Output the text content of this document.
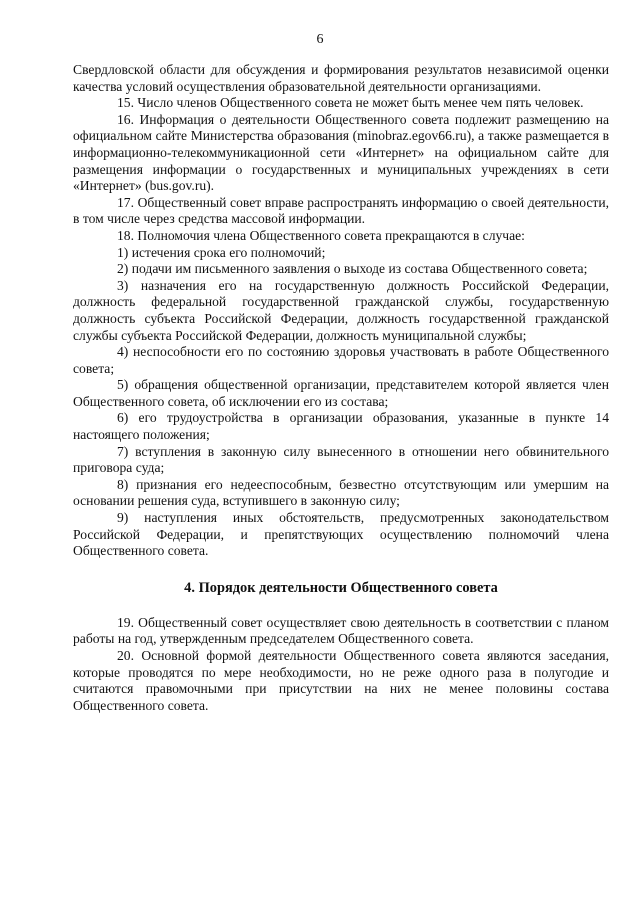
6

Свердловской области для обсуждения и формирования результатов независимой оценки качества условий осуществления образовательной деятельности организациями.

15. Число членов Общественного совета не может быть менее чем пять человек.

16. Информация о деятельности Общественного совета подлежит размещению на официальном сайте Министерства образования (minobraz.egov66.ru), а также размещается в информационно-телекоммуникационной сети «Интернет» на официальном сайте для размещения информации о государственных и муниципальных учреждениях в сети «Интернет» (bus.gov.ru).

17. Общественный совет вправе распространять информацию о своей деятельности, в том числе через средства массовой информации.

18. Полномочия члена Общественного совета прекращаются в случае:

1) истечения срока его полномочий;

2) подачи им письменного заявления о выходе из состава Общественного совета;

3) назначения его на государственную должность Российской Федерации, должность федеральной государственной гражданской службы, государственную должность субъекта Российской Федерации, должность государственной гражданской службы субъекта Российской Федерации, должность муниципальной службы;

4) неспособности его по состоянию здоровья участвовать в работе Общественного совета;

5) обращения общественной организации, представителем которой является член Общественного совета, об исключении его из состава;

6) его трудоустройства в организации образования, указанные в пункте 14 настоящего положения;

7) вступления в законную силу вынесенного в отношении него обвинительного приговора суда;

8) признания его недееспособным, безвестно отсутствующим или умершим на основании решения суда, вступившего в законную силу;

9) наступления иных обстоятельств, предусмотренных законодательством Российской Федерации, и препятствующих осуществлению полномочий члена Общественного совета.

4. Порядок деятельности Общественного совета

19. Общественный совет осуществляет свою деятельность в соответствии с планом работы на год, утвержденным председателем Общественного совета.

20. Основной формой деятельности Общественного совета являются заседания, которые проводятся по мере необходимости, но не реже одного раза в полугодие и считаются правомочными при присутствии на них не менее половины состава Общественного совета.
